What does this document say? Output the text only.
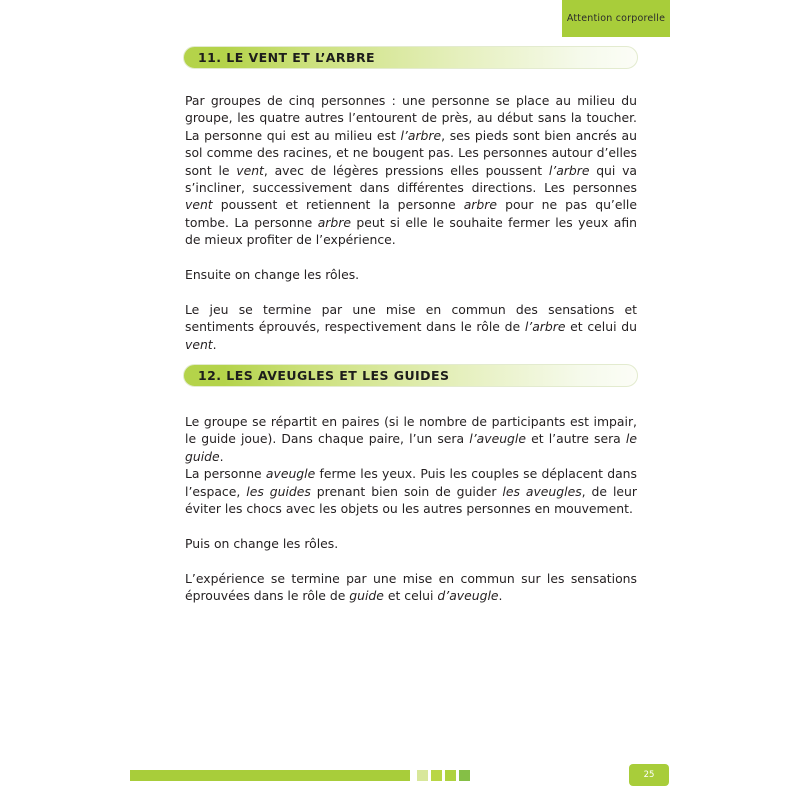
Attention corporelle
11. LE VENT ET L’ARBRE

Par groupes de cinq personnes : une personne se place au milieu du groupe, les quatre autres l’entourent de près, au début sans la toucher. La personne qui est au milieu est l’arbre, ses pieds sont bien ancrés au sol comme des racines, et ne bougent pas. Les personnes autour d’elles sont le vent, avec de légères pressions elles poussent l’arbre qui va s’incliner, successivement dans différentes directions. Les personnes vent poussent et retiennent la personne arbre pour ne pas qu’elle tombe. La personne arbre peut si elle le souhaite fermer les yeux afin de mieux profiter de l’expérience.

Ensuite on change les rôles.

Le jeu se termine par une mise en commun des sensations et sentiments éprouvés, respectivement dans le rôle de l’arbre et celui du vent.

12. LES AVEUGLES ET LES GUIDES

Le groupe se répartit en paires (si le nombre de participants est impair, le guide joue). Dans chaque paire, l’un sera l’aveugle et l’autre sera le guide.

La personne aveugle ferme les yeux. Puis les couples se déplacent dans l’espace, les guides prenant bien soin de guider les aveugles, de leur éviter les chocs avec les objets ou les autres personnes en mouvement.

Puis on change les rôles.

L’expérience se termine par une mise en commun sur les sensations éprouvées dans le rôle de guide et celui d’aveugle.

25
